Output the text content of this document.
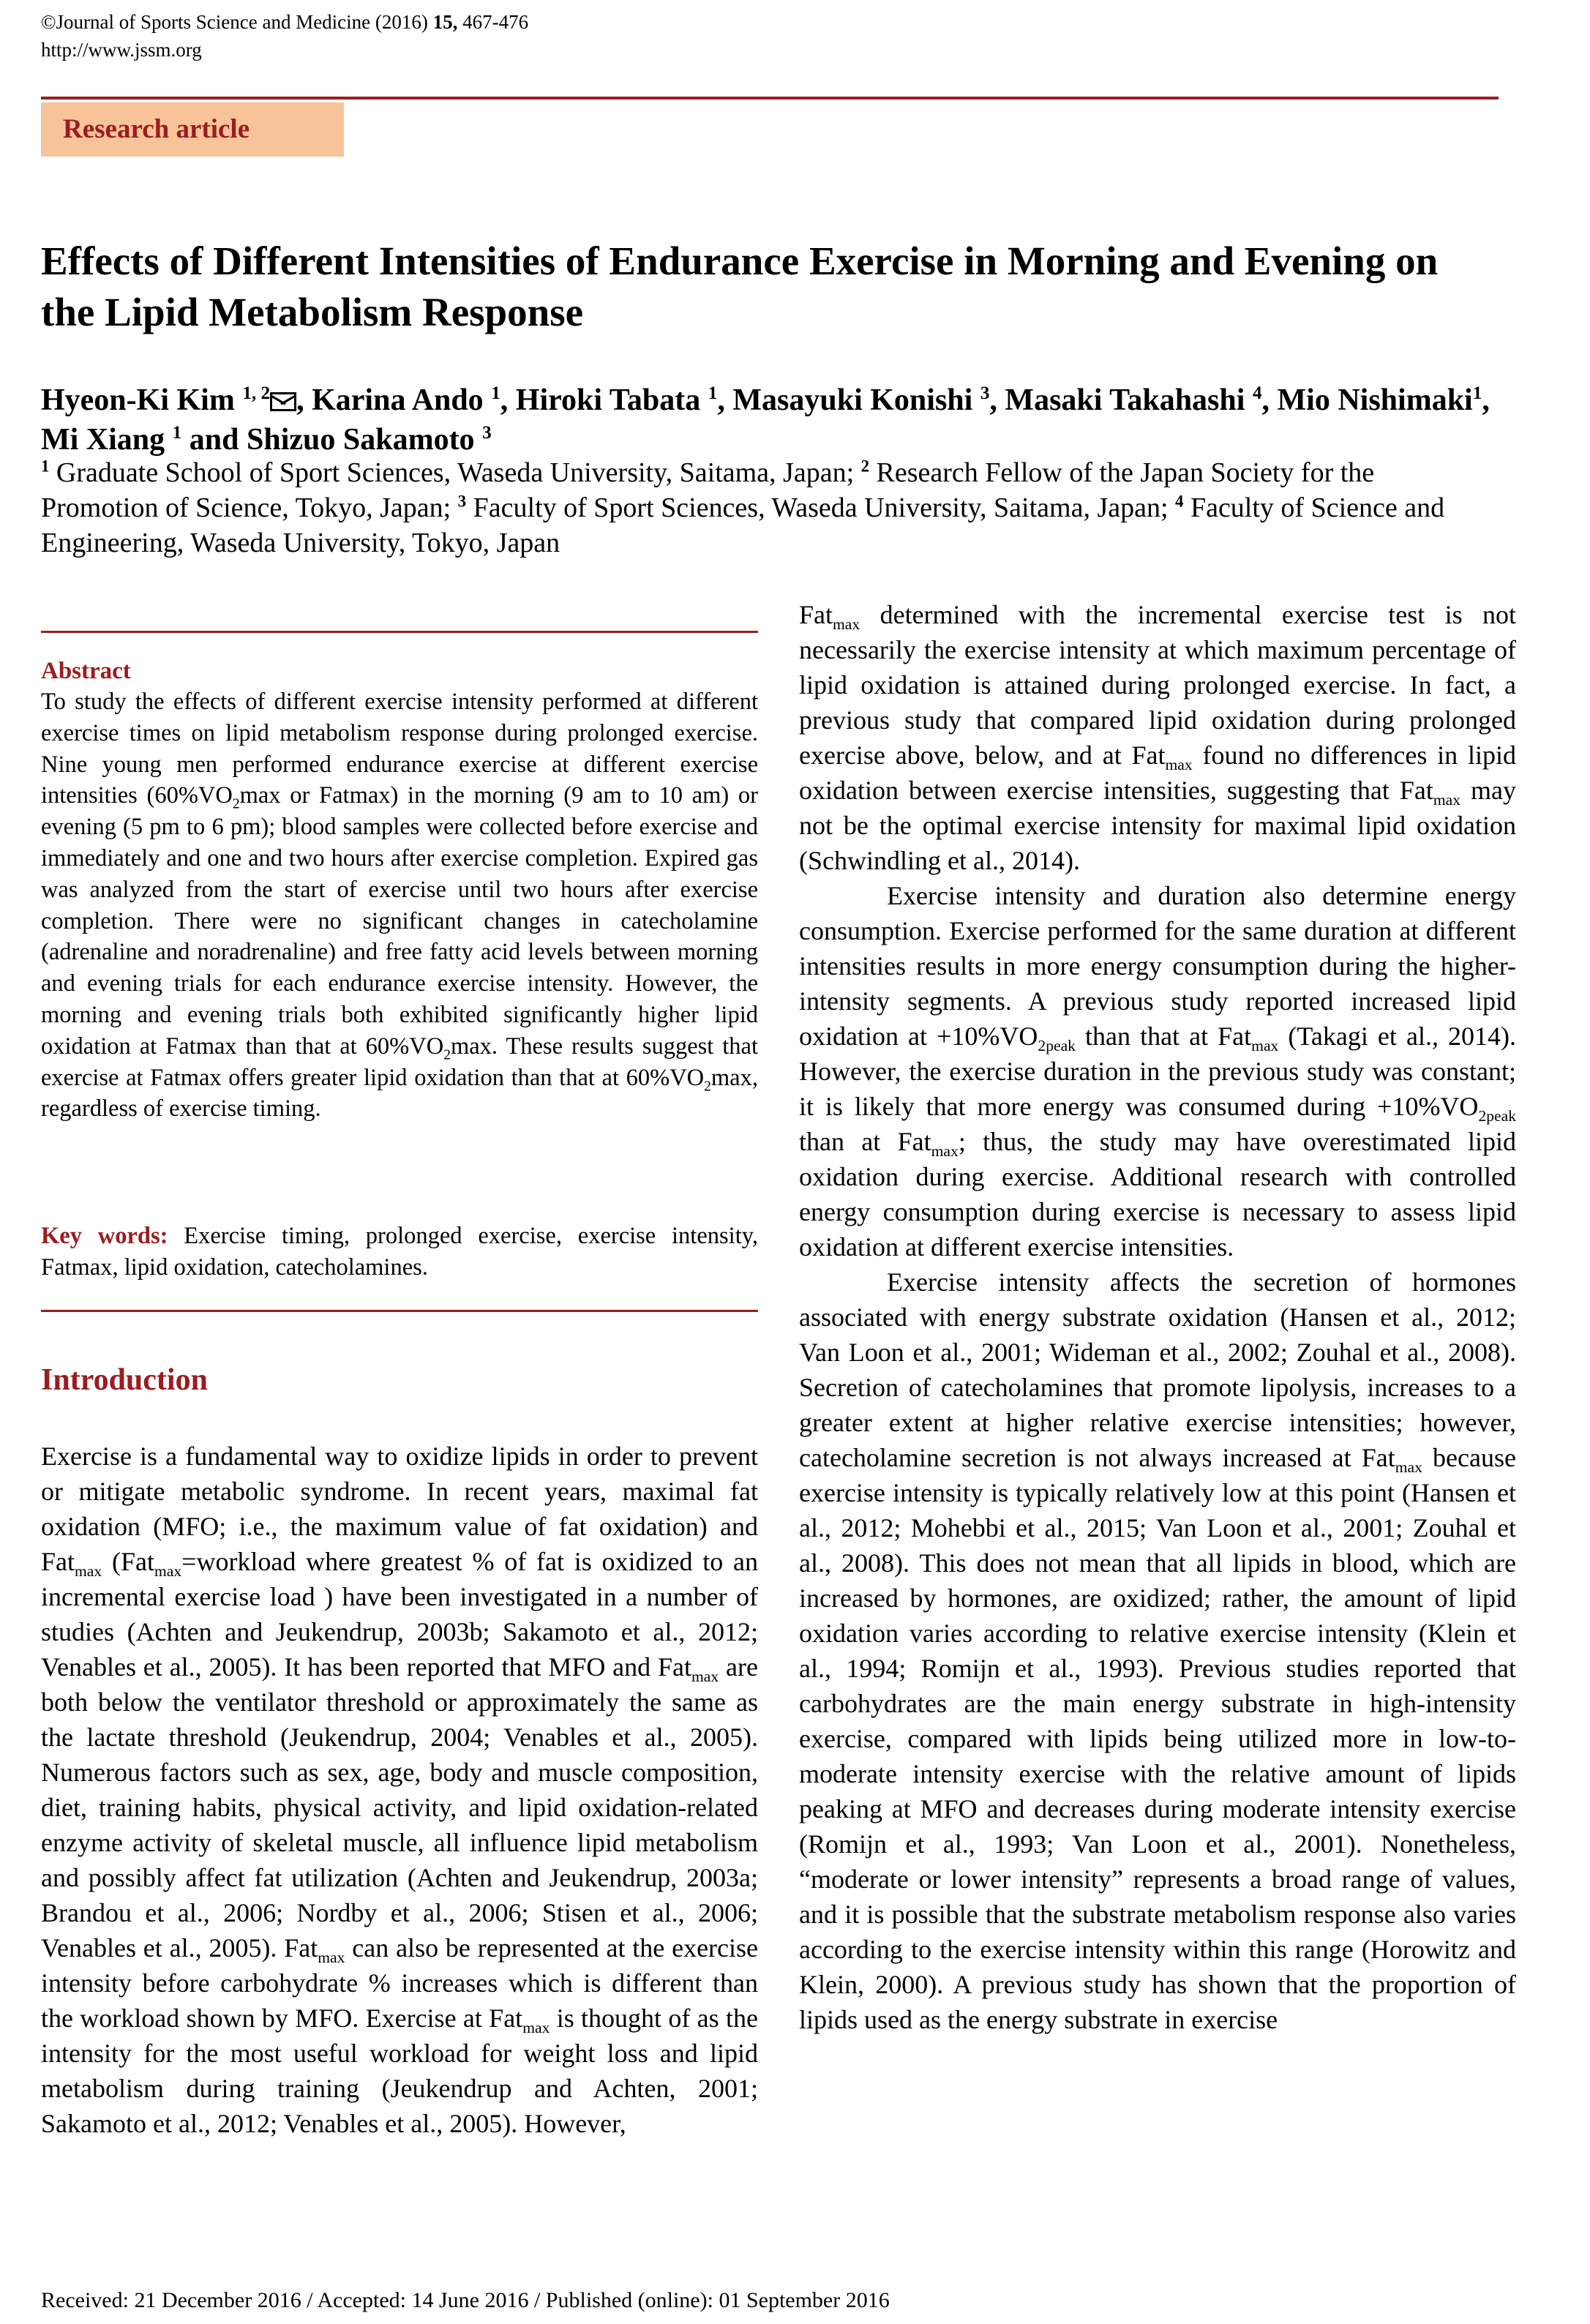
©Journal of Sports Science and Medicine (2016) 15, 467-476
http://www.jssm.org
Research article
Effects of Different Intensities of Endurance Exercise in Morning and Evening on the Lipid Metabolism Response
Hyeon-Ki Kim $^{1, 2}$ , Karina Ando $^1$, Hiroki Tabata $^1$, Masayuki Konishi $^3$, Masaki Takahashi $^4$, Mio Nishimaki$^1$, Mi Xiang $^1$ and Shizuo Sakamoto $^3$
$^1$ Graduate School of Sport Sciences, Waseda University, Saitama, Japan; $^2$ Research Fellow of the Japan Society for the Promotion of Science, Tokyo, Japan; $^3$ Faculty of Sport Sciences, Waseda University, Saitama, Japan; $^4$ Faculty of Science and Engineering, Waseda University, Tokyo, Japan
Abstract
To study the effects of different exercise intensity performed at different exercise times on lipid metabolism response during prolonged exercise. Nine young men performed endurance exercise at different exercise intensities ($60\%VO_2\max$ or Fatmax) in the morning (9 am to 10 am) or evening (5 pm to 6 pm); blood samples were collected before exercise and immediately and one and two hours after exercise completion. Expired gas was analyzed from the start of exercise until two hours after exercise completion. There were no significant changes in catecholamine (adrenaline and noradrenaline) and free fatty acid levels between morning and evening trials for each endurance exercise intensity. However, the morning and evening trials both exhibited significantly higher lipid oxidation at Fatmax than that at $60\%VO_2\max$. These results suggest that exercise at Fatmax offers greater lipid oxidation than that at $60\%VO_2\max$, regardless of exercise timing.
Key words: Exercise timing, prolonged exercise, exercise intensity, Fatmax, lipid oxidation, catecholamines.
Introduction

Exercise is a fundamental way to oxidize lipids in order to prevent or mitigate metabolic syndrome. In recent years, maximal fat oxidation (MFO; i.e., the maximum value of fat oxidation) and Fat$_{max}$ (Fat$_{max}$=workload where greatest % of fat is oxidized to an incremental exercise load ) have been investigated in a number of studies (Achten and Jeukendrup, 2003b; Sakamoto et al., 2012; Venables et al., 2005). It has been reported that MFO and Fat$_{max}$ are both below the ventilator threshold or approximately the same as the lactate threshold (Jeukendrup, 2004; Venables et al., 2005). Numerous factors such as sex, age, body and muscle composition, diet, training habits, physical activity, and lipid oxidation-related enzyme activity of skeletal muscle, all influence lipid metabolism and possibly affect fat utilization (Achten and Jeukendrup, 2003a; Brandou et al., 2006; Nordby et al., 2006; Stisen et al., 2006; Venables et al., 2005). Fat$_{max}$ can also be represented at the exercise intensity before carbohydrate % increases which is different than the workload shown by MFO. Exercise at Fat$_{max}$ is thought of as the intensity for the most useful workload for weight loss and lipid metabolism during training (Jeukendrup and Achten, 2001; Sakamoto et al., 2012; Venables et al., 2005). However,

Fat$_{max}$ determined with the incremental exercise test is not necessarily the exercise intensity at which maximum percentage of lipid oxidation is attained during prolonged exercise. In fact, a previous study that compared lipid oxidation during prolonged exercise above, below, and at Fat$_{max}$ found no differences in lipid oxidation between exercise intensities, suggesting that Fat$_{max}$ may not be the optimal exercise intensity for maximal lipid oxidation (Schwindling et al., 2014).

Exercise intensity and duration also determine energy consumption. Exercise performed for the same duration at different intensities results in more energy consumption during the higher-intensity segments. A previous study reported increased lipid oxidation at $+10\%VO_{2peak}$ than that at Fat$_{max}$ (Takagi et al., 2014). However, the exercise duration in the previous study was constant; it is likely that more energy was consumed during $+10\%VO_{2peak}$ than at Fat$_{max}$; thus, the study may have overestimated lipid oxidation during exercise. Additional research with controlled energy consumption during exercise is necessary to assess lipid oxidation at different exercise intensities.

Exercise intensity affects the secretion of hormones associated with energy substrate oxidation (Hansen et al., 2012; Van Loon et al., 2001; Wideman et al., 2002; Zouhal et al., 2008). Secretion of catecholamines that promote lipolysis, increases to a greater extent at higher relative exercise intensities; however, catecholamine secretion is not always increased at Fat$_{max}$ because exercise intensity is typically relatively low at this point (Hansen et al., 2012; Mohebbi et al., 2015; Van Loon et al., 2001; Zouhal et al., 2008). This does not mean that all lipids in blood, which are increased by hormones, are oxidized; rather, the amount of lipid oxidation varies according to relative exercise intensity (Klein et al., 1994; Romijn et al., 1993). Previous studies reported that carbohydrates are the main energy substrate in high-intensity exercise, compared with lipids being utilized more in low-to-moderate intensity exercise with the relative amount of lipids peaking at MFO and decreases during moderate intensity exercise (Romijn et al., 1993; Van Loon et al., 2001). Nonetheless, “moderate or lower intensity” represents a broad range of values, and it is possible that the substrate metabolism response also varies according to the exercise intensity within this range (Horowitz and Klein, 2000). A previous study has shown that the proportion of lipids used as the energy substrate in exercise

Received: 21 December 2016 / Accepted: 14 June 2016 / Published (online): 01 September 2016
